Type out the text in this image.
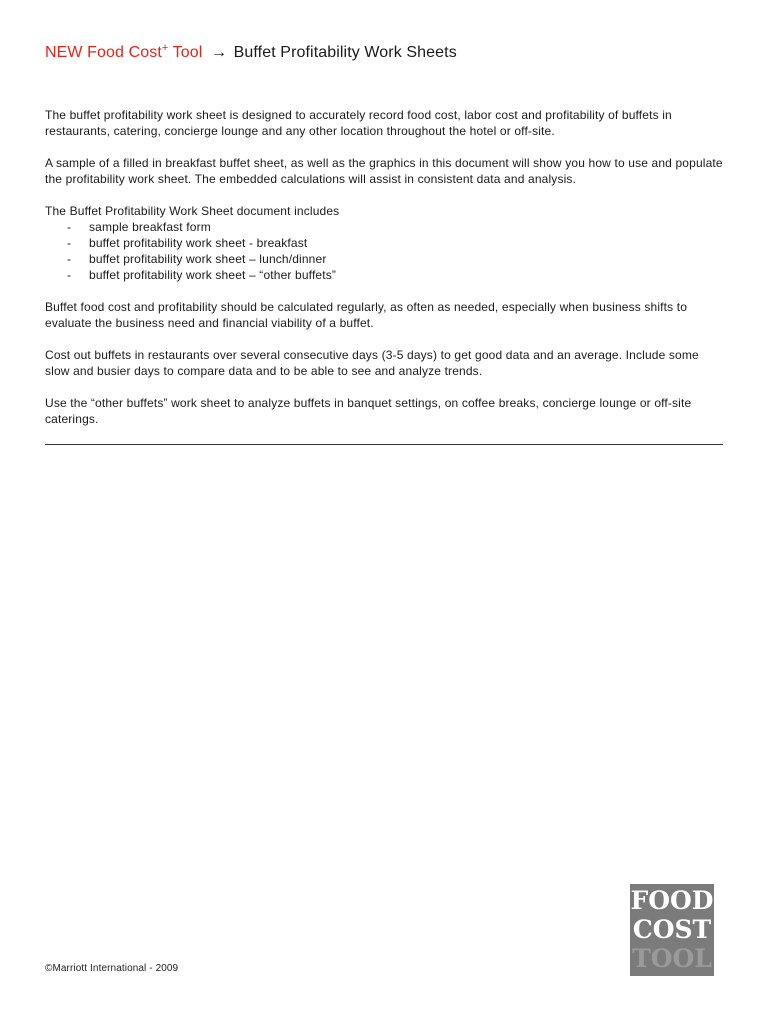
NEW Food Cost+ Tool → Buffet Profitability Work Sheets

The buffet profitability work sheet is designed to accurately record food cost, labor cost and profitability of buffets in restaurants, catering, concierge lounge and any other location throughout the hotel or off-site.

A sample of a filled in breakfast buffet sheet, as well as the graphics in this document will show you how to use and populate the profitability work sheet. The embedded calculations will assist in consistent data and analysis.

The Buffet Profitability Work Sheet document includes

- sample breakfast form
- buffet profitability work sheet - breakfast
- buffet profitability work sheet – lunch/dinner
- buffet profitability work sheet – “other buffets”

Buffet food cost and profitability should be calculated regularly, as often as needed, especially when business shifts to evaluate the business need and financial viability of a buffet.

Cost out buffets in restaurants over several consecutive days (3-5 days) to get good data and an average. Include some slow and busier days to compare data and to be able to see and analyze trends.

Use the “other buffets” work sheet to analyze buffets in banquet settings, on coffee breaks, concierge lounge or off-site caterings.

©Marriott International - 2009
FOOD
COST
TOOL
